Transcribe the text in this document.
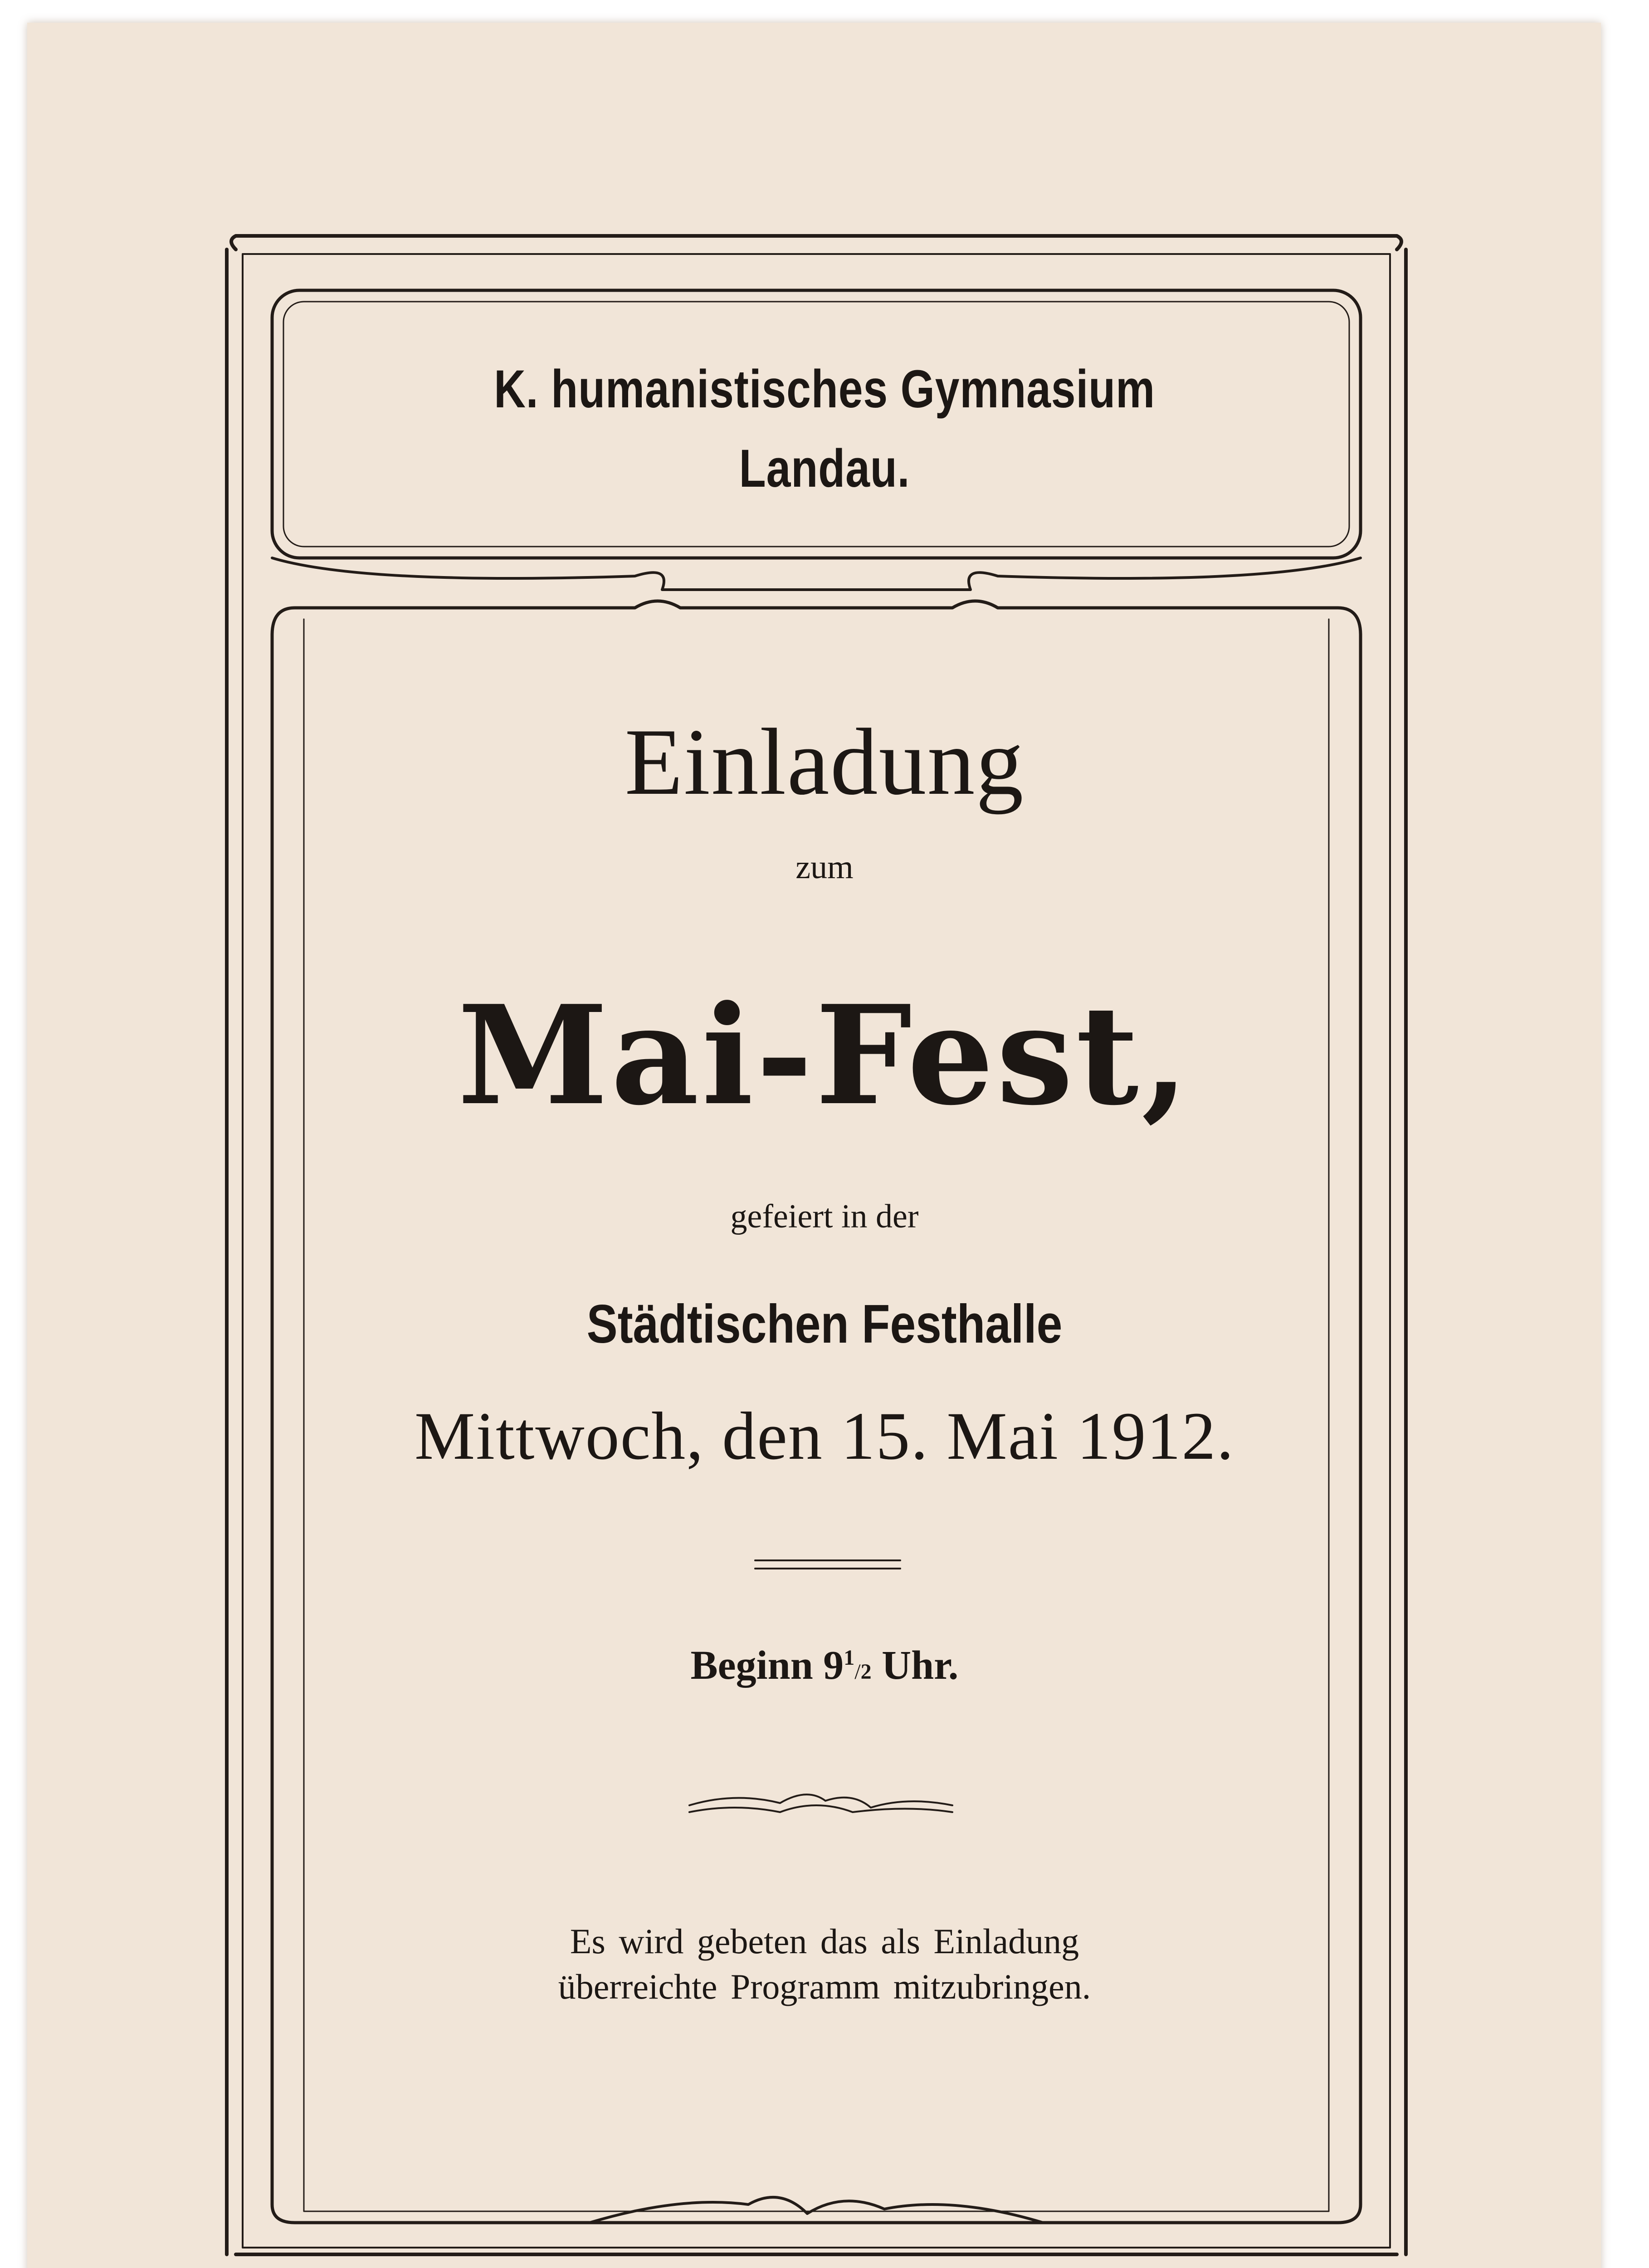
K. humanistisches Gymnasium
Landau.
Einladung
zum
Mai-Fest,
gefeiert in der
Städtischen Festhalle
Mittwoch, den 15. Mai 1912.
Beginn $9^1/2$ Uhr.
Es wird gebeten das als Einladung
überreichte Programm mitzubringen.
